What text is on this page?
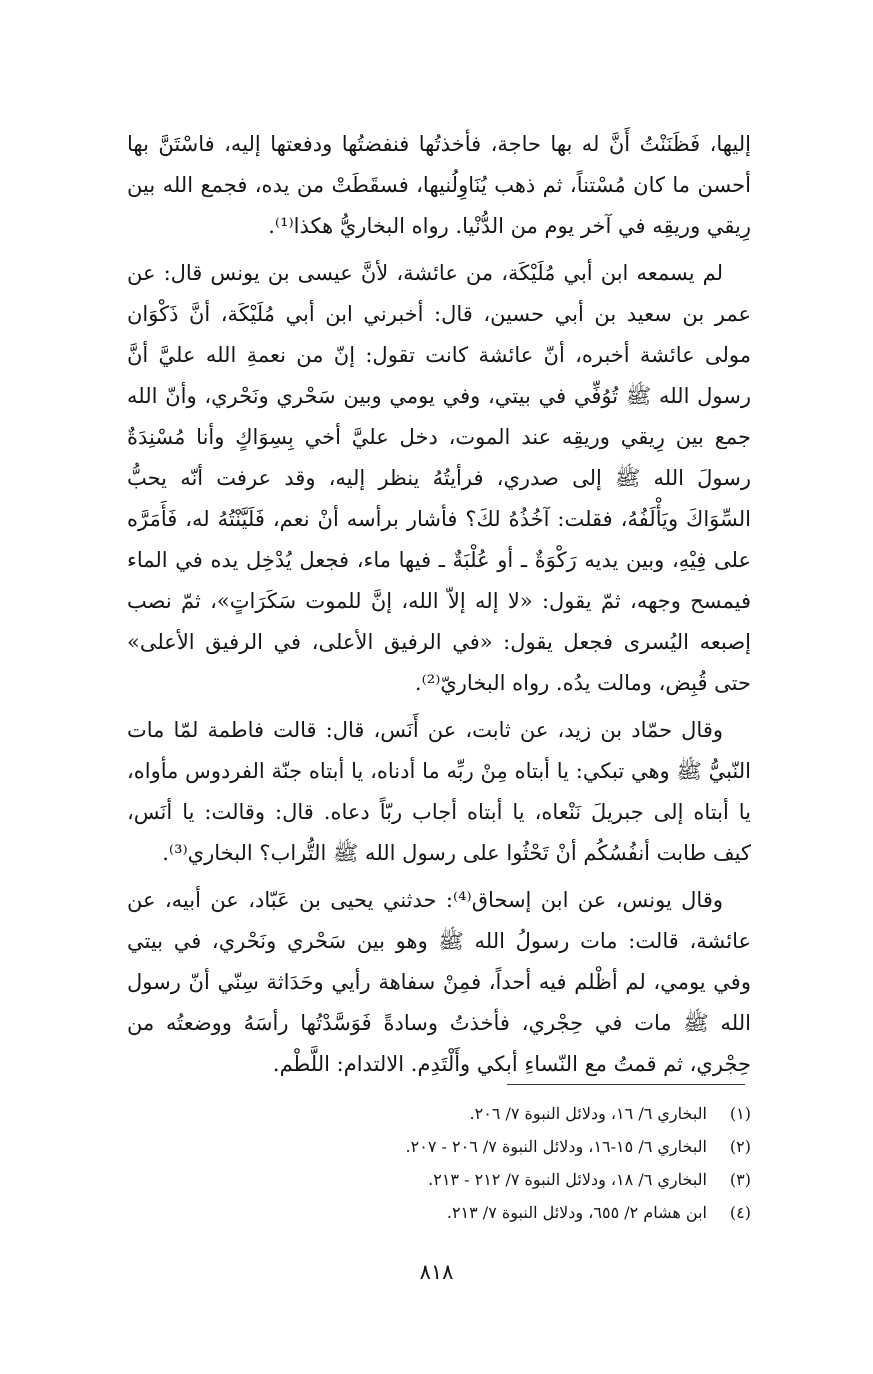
إليها، فَظَنَنْتُ أَنَّ له بها حاجة، فأخذتُها فنفضتُها ودفعتها إليه، فاسْتَنَّ بها أحسن ما كان مُسْتناً، ثم ذهب يُنَاوِلُنيها، فسقَطَتْ من يده، فجمع الله بين رِيقي وريقِه في آخر يوم من الدُّنْيا. رواه البخاريُّ هكذا⁽¹⁾.

لم يسمعه ابن أبي مُلَيْكَة، من عائشة، لأنَّ عيسى بن يونس قال: عن عمر بن سعيد بن أبي حسين، قال: أخبرني ابن أبي مُلَيْكَة، أنَّ ذَكْوَان مولى عائشة أخبره، أنّ عائشة كانت تقول: إنّ من نعمةِ الله عليَّ أنَّ رسول الله ﷺ تُوُفِّي في بيتي، وفي يومي وبين سَحْري ونَحْري، وأنّ الله جمع بين رِيقي وريقِه عند الموت، دخل عليَّ أخي بِسِوَاكٍ وأنا مُسْنِدَةٌ رسولَ الله ﷺ إلى صدري، فرأيتُهُ ينظر إليه، وقد عرفت أنّه يحبُّ السِّوَاكَ ويَأْلَفُهُ، فقلت: آخُذُهُ لكَ؟ فأشار برأسه أنْ نعم، فَلَيَّنْتُهُ له، فَأَمَرَّه على فِيْهِ، وبين يديه رَكْوَةٌ ـ أو عُلْبَةٌ ـ فيها ماء، فجعل يُدْخِل يده في الماء فيمسح وجهه، ثمّ يقول: «لا إله إلاّ الله، إنَّ للموت سَكَرَاتٍ»، ثمّ نصب إصبعه اليُسرى فجعل يقول: «في الرفيق الأعلى، في الرفيق الأعلى» حتى قُبِض، ومالت يدُه. رواه البخاريّ⁽²⁾.

وقال حمّاد بن زيد، عن ثابت، عن أَنَس، قال: قالت فاطمة لمّا مات النّبيُّ ﷺ وهي تبكي: يا أبتاه مِنْ ربِّه ما أدناه، يا أبتاه جنّة الفردوس مأواه، يا أبتاه إلى جبريلَ نَنْعاه، يا أبتاه أجاب ربّاً دعاه. قال: وقالت: يا أنَس، كيف طابت أنفُسُكُم أنْ تَحْثُوا على رسول الله ﷺ التُّراب؟ البخاري⁽³⁾.

وقال يونس، عن ابن إسحاق⁽⁴⁾: حدثني يحيى بن عَبّاد، عن أبيه، عن عائشة، قالت: مات رسولُ الله ﷺ وهو بين سَحْري ونَحْري، في بيتي وفي يومي، لم أظْلم فيه أحداً، فمِنْ سفاهة رأيي وحَدَاثة سِنّي أنّ رسول الله ﷺ مات في حِجْري، فأخذتُ وسادةً فَوَسَّدْتُها رأسَهُ ووضعتُه من حِجْري، ثم قمتُ مع النّساءِ أبكي وأَلْتَدِم. الالتدام: اللَّطْم.

(١)البخاري ٦/ ١٦، ودلائل النبوة ٧/ ٢٠٦.
(٢)البخاري ٦/ ١٥-١٦، ودلائل النبوة ٧/ ٢٠٦ - ٢٠٧.
(٣)البخاري ٦/ ١٨، ودلائل النبوة ٧/ ٢١٢ - ٢١٣.
(٤)ابن هشام ٢/ ٦٥٥، ودلائل النبوة ٧/ ٢١٣.
٨١٨
